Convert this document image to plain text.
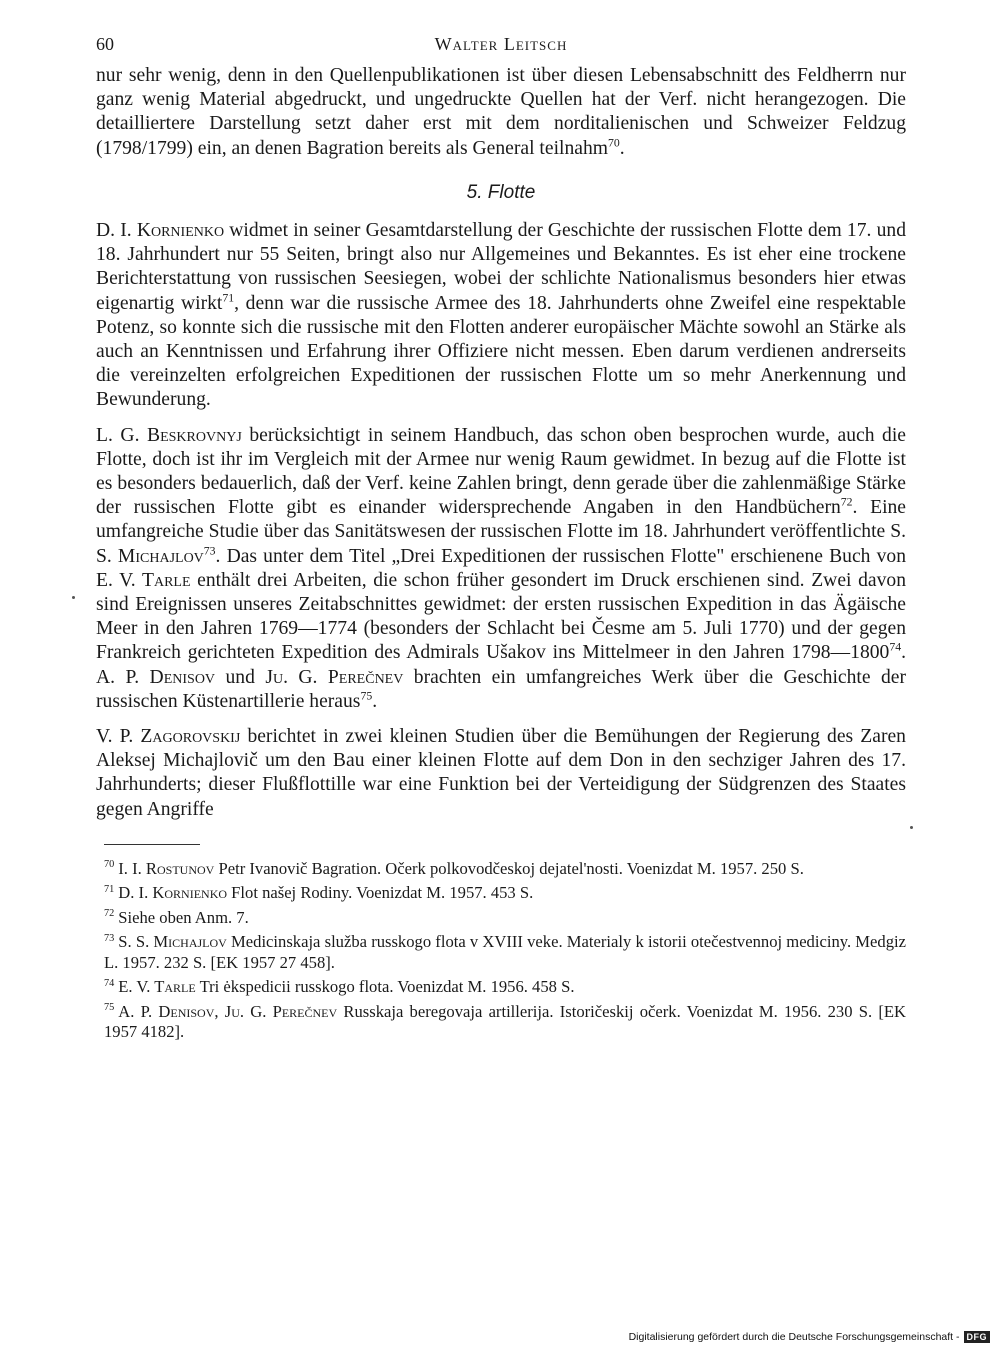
60	Walter Leitsch

nur sehr wenig, denn in den Quellenpublikationen ist über diesen Lebensabschnitt des Feldherrn nur ganz wenig Material abgedruckt, und ungedruckte Quellen hat der Verf. nicht herangezogen. Die detailliertere Darstellung setzt daher erst mit dem norditalienischen und Schweizer Feldzug (1798/1799) ein, an denen Bagration bereits als General teilnahm$^{70}$.

5. Flotte

D. I. Kornienko widmet in seiner Gesamtdarstellung der Geschichte der russischen Flotte dem 17. und 18. Jahrhundert nur 55 Seiten, bringt also nur Allgemeines und Bekanntes. Es ist eher eine trockene Berichterstattung von russischen Seesiegen, wobei der schlichte Nationalismus besonders hier etwas eigenartig wirkt$^{71}$, denn war die russische Armee des 18. Jahrhunderts ohne Zweifel eine respektable Potenz, so konnte sich die russische mit den Flotten anderer europäischer Mächte sowohl an Stärke als auch an Kenntnissen und Erfahrung ihrer Offiziere nicht messen. Eben darum verdienen andrerseits die vereinzelten erfolgreichen Expeditionen der russischen Flotte um so mehr Anerkennung und Bewunderung.

L. G. Beskrovnyj berücksichtigt in seinem Handbuch, das schon oben besprochen wurde, auch die Flotte, doch ist ihr im Vergleich mit der Armee nur wenig Raum gewidmet. In bezug auf die Flotte ist es besonders bedauerlich, daß der Verf. keine Zahlen bringt, denn gerade über die zahlenmäßige Stärke der russischen Flotte gibt es einander widersprechende Angaben in den Handbüchern$^{72}$. Eine umfangreiche Studie über das Sanitätswesen der russischen Flotte im 18. Jahrhundert veröffentlichte S. S. Michajlov$^{73}$. Das unter dem Titel „Drei Expeditionen der russischen Flotte" erschienene Buch von E. V. Tarle enthält drei Arbeiten, die schon früher gesondert im Druck erschienen sind. Zwei davon sind Ereignissen unseres Zeitabschnittes gewidmet: der ersten russischen Expedition in das Ägäische Meer in den Jahren 1769—1774 (besonders der Schlacht bei Česme am 5. Juli 1770) und der gegen Frankreich gerichteten Expedition des Admirals Ušakov ins Mittelmeer in den Jahren 1798—1800$^{74}$. A. P. Denisov und Ju. G. Perečnev brachten ein umfangreiches Werk über die Geschichte der russischen Küstenartillerie heraus$^{75}$.

V. P. Zagorovskij berichtet in zwei kleinen Studien über die Bemühungen der Regierung des Zaren Aleksej Michajlovič um den Bau einer kleinen Flotte auf dem Don in den sechziger Jahren des 17. Jahrhunderts; dieser Flußflottille war eine Funktion bei der Verteidigung der Südgrenzen des Staates gegen Angriffe

$^{70}$ I. I. Rostunov Petr Ivanovič Bagration. Očerk polkovodčeskoj dejatel'nosti. Voenizdat M. 1957. 250 S.
$^{71}$ D. I. Kornienko Flot našej Rodiny. Voenizdat M. 1957. 453 S.
$^{72}$ Siehe oben Anm. 7.
$^{73}$ S. S. Michajlov Medicinskaja služba russkogo flota v XVIII veke. Materialy k istorii otečestvennoj mediciny. Medgiz L. 1957. 232 S. [EK 1957 27 458].
$^{74}$ E. V. Tarle Tri ėkspedicii russkogo flota. Voenizdat M. 1956. 458 S.
$^{75}$ A. P. Denisov, Ju. G. Perečnev Russkaja beregovaja artillerija. Istoričeskij očerk. Voenizdat M. 1956. 230 S. [EK 1957 4182].
Digitalisierung gefördert durch die Deutsche Forschungsgemeinschaft - DFG
